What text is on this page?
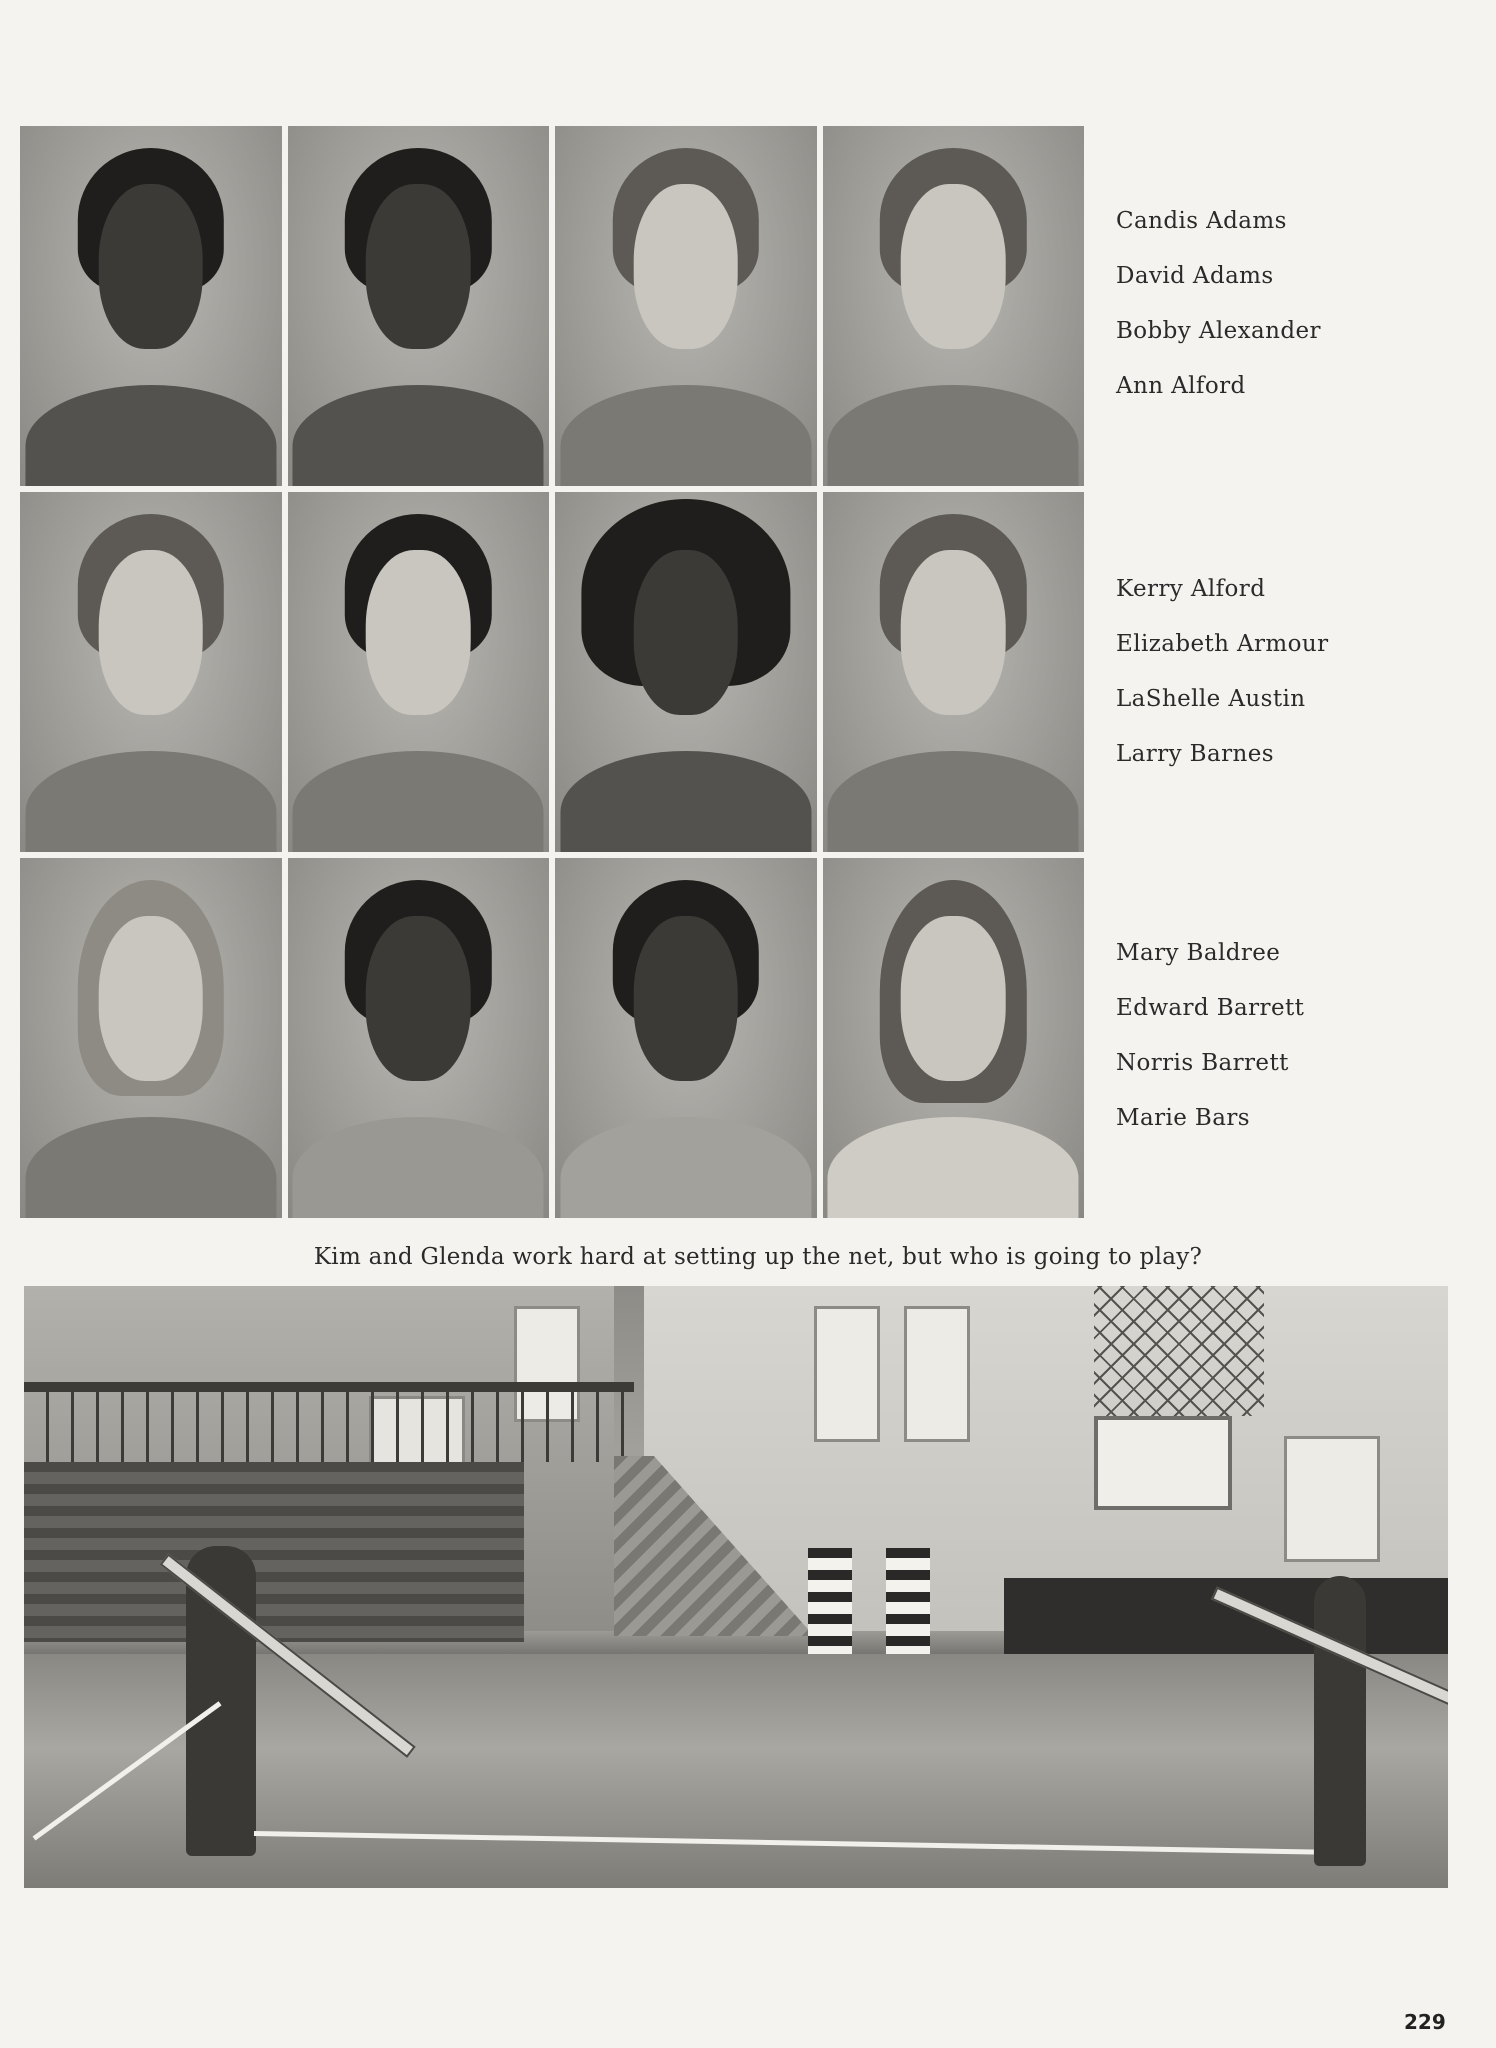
Candis Adams
David Adams
Bobby Alexander
Ann Alford
Kerry Alford
Elizabeth Armour
LaShelle Austin
Larry Barnes
Mary Baldree
Edward Barrett
Norris Barrett
Marie Bars
Kim and Glenda work hard at setting up the net, but who is going to play?
229
